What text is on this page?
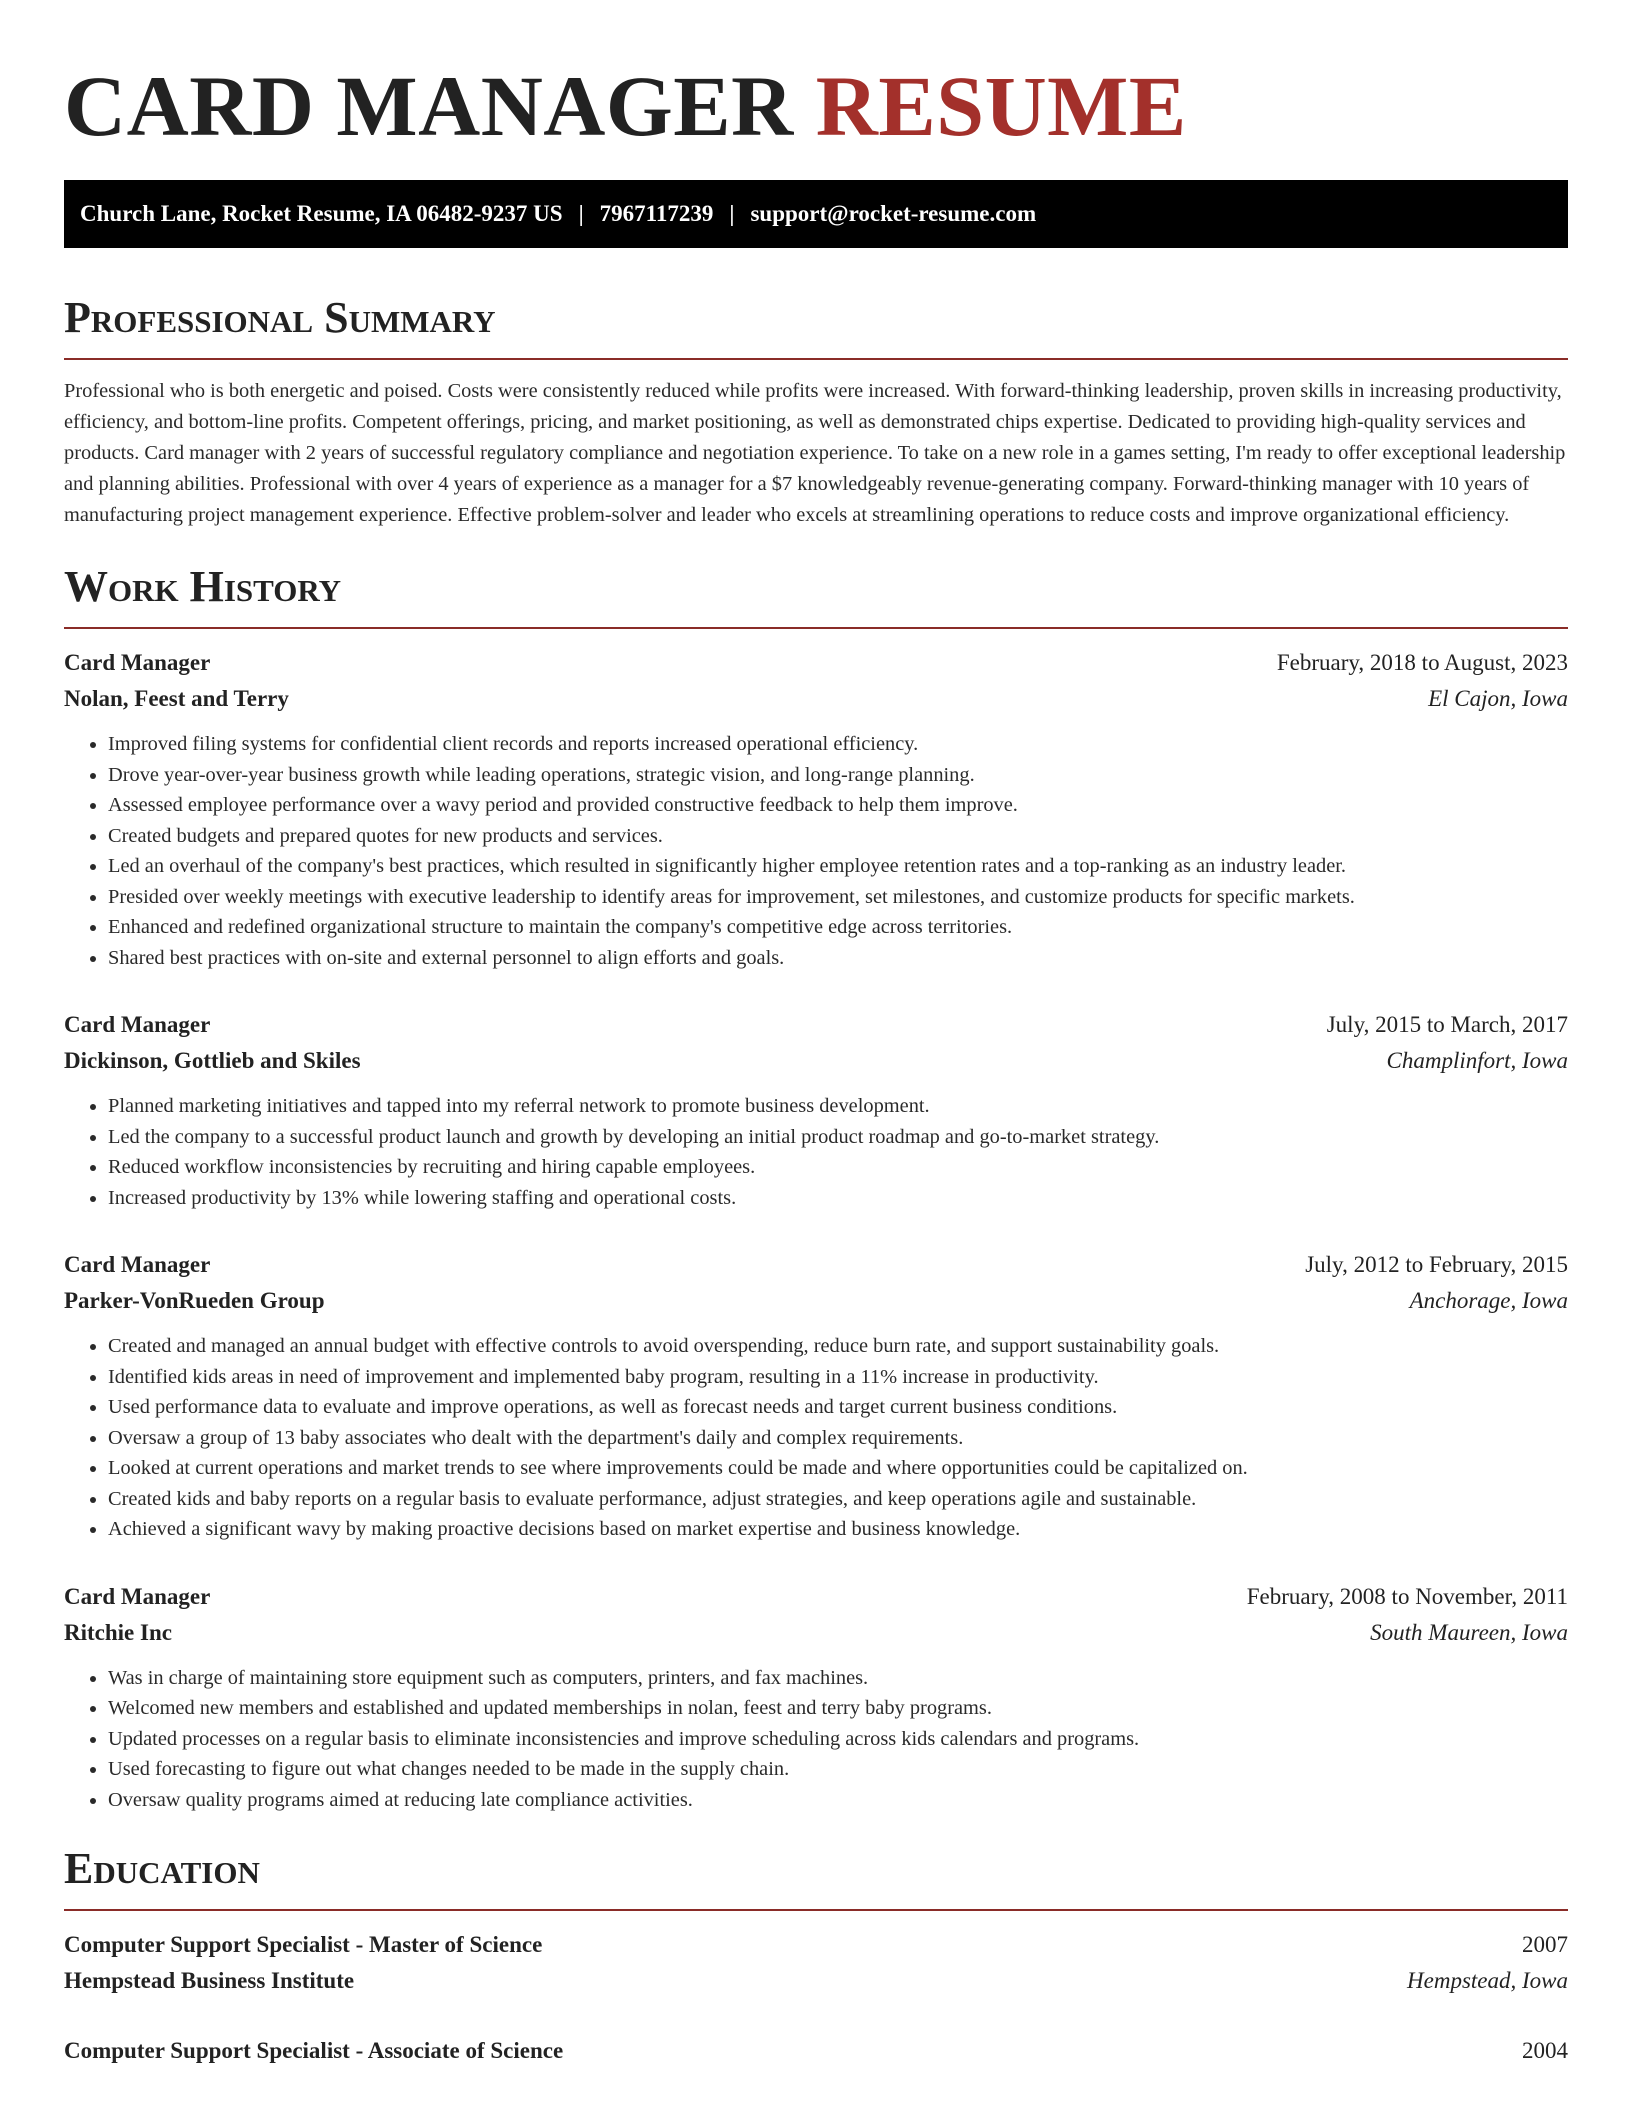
CARD MANAGER RESUME
Church Lane, Rocket Resume, IA 06482-9237 US | 7967117239 | support@rocket-resume.com
Professional Summary

Professional who is both energetic and poised. Costs were consistently reduced while profits were increased. With forward-thinking leadership, proven skills in increasing productivity, efficiency, and bottom-line profits. Competent offerings, pricing, and market positioning, as well as demonstrated chips expertise. Dedicated to providing high-quality services and products. Card manager with 2 years of successful regulatory compliance and negotiation experience. To take on a new role in a games setting, I'm ready to offer exceptional leadership and planning abilities. Professional with over 4 years of experience as a manager for a $7 knowledgeably revenue-generating company. Forward-thinking manager with 10 years of manufacturing project management experience. Effective problem-solver and leader who excels at streamlining operations to reduce costs and improve organizational efficiency.

Work History
Card Manager	February, 2018 to August, 2023
Nolan, Feest and Terry	El Cajon, Iowa
• Improved filing systems for confidential client records and reports increased operational efficiency.
• Drove year-over-year business growth while leading operations, strategic vision, and long-range planning.
• Assessed employee performance over a wavy period and provided constructive feedback to help them improve.
• Created budgets and prepared quotes for new products and services.
• Led an overhaul of the company's best practices, which resulted in significantly higher employee retention rates and a top-ranking as an industry leader.
• Presided over weekly meetings with executive leadership to identify areas for improvement, set milestones, and customize products for specific markets.
• Enhanced and redefined organizational structure to maintain the company's competitive edge across territories.
• Shared best practices with on-site and external personnel to align efforts and goals.
Card Manager	July, 2015 to March, 2017
Dickinson, Gottlieb and Skiles	Champlinfort, Iowa
• Planned marketing initiatives and tapped into my referral network to promote business development.
• Led the company to a successful product launch and growth by developing an initial product roadmap and go-to-market strategy.
• Reduced workflow inconsistencies by recruiting and hiring capable employees.
• Increased productivity by 13% while lowering staffing and operational costs.
Card Manager	July, 2012 to February, 2015
Parker-VonRueden Group	Anchorage, Iowa
• Created and managed an annual budget with effective controls to avoid overspending, reduce burn rate, and support sustainability goals.
• Identified kids areas in need of improvement and implemented baby program, resulting in a 11% increase in productivity.
• Used performance data to evaluate and improve operations, as well as forecast needs and target current business conditions.
• Oversaw a group of 13 baby associates who dealt with the department's daily and complex requirements.
• Looked at current operations and market trends to see where improvements could be made and where opportunities could be capitalized on.
• Created kids and baby reports on a regular basis to evaluate performance, adjust strategies, and keep operations agile and sustainable.
• Achieved a significant wavy by making proactive decisions based on market expertise and business knowledge.
Card Manager	February, 2008 to November, 2011
Ritchie Inc	South Maureen, Iowa
• Was in charge of maintaining store equipment such as computers, printers, and fax machines.
• Welcomed new members and established and updated memberships in nolan, feest and terry baby programs.
• Updated processes on a regular basis to eliminate inconsistencies and improve scheduling across kids calendars and programs.
• Used forecasting to figure out what changes needed to be made in the supply chain.
• Oversaw quality programs aimed at reducing late compliance activities.
Education
Computer Support Specialist - Master of Science	2007
Hempstead Business Institute	Hempstead, Iowa
Computer Support Specialist - Associate of Science	2004
